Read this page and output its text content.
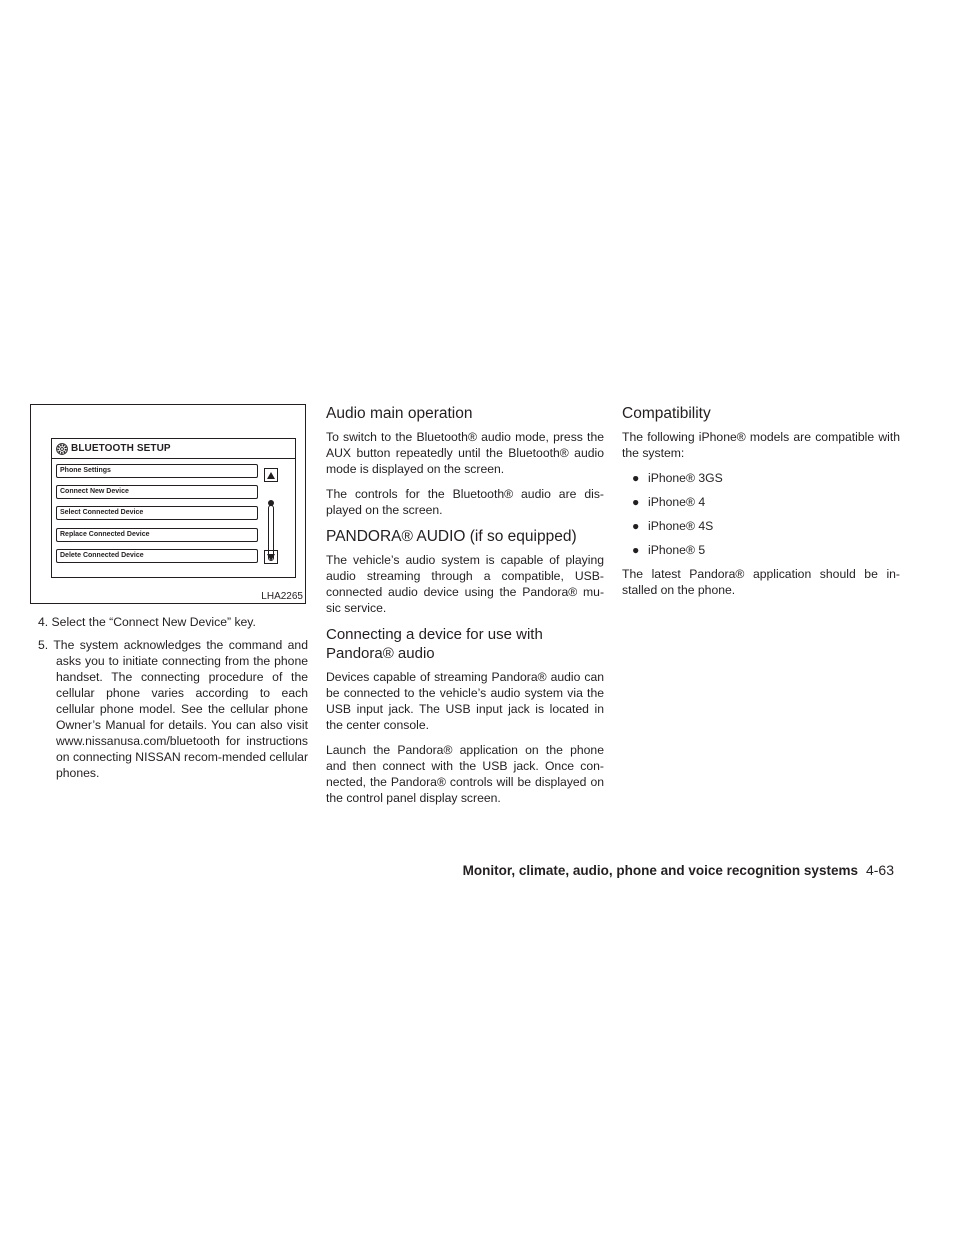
BLUETOOTH SETUP
Phone Settings
Connect New Device
Select Connected Device
Replace Connected Device
Delete Connected Device
LHA2265

4. Select the “Connect New Device” key.

5. The system acknowledges the command and asks you to initiate connecting from the phone handset. The connecting procedure of the cellular phone varies according to each cellular phone model. See the cellular phone Owner’s Manual for details. You can also visit www.nissanusa.com/bluetooth for instructions on connecting NISSAN recom-mended cellular phones.

Audio main operation

To switch to the Bluetooth® audio mode, press the AUX button repeatedly until the Bluetooth® audio mode is displayed on the screen.

The controls for the Bluetooth® audio are dis-played on the screen.

PANDORA® AUDIO (if so equipped)

The vehicle’s audio system is capable of playing audio streaming through a compatible, USB-connected audio device using the Pandora® mu-sic service.

Connecting a device for use with Pandora® audio

Devices capable of streaming Pandora® audio can be connected to the vehicle’s audio system via the USB input jack. The USB input jack is located in the center console.

Launch the Pandora® application on the phone and then connect with the USB jack. Once con-nected, the Pandora® controls will be displayed on the control panel display screen.

Compatibility

The following iPhone® models are compatible with the system:

● iPhone® 3GS
● iPhone® 4
● iPhone® 4S
● iPhone® 5

The latest Pandora® application should be in-stalled on the phone.

Monitor, climate, audio, phone and voice recognition systems 4-63
